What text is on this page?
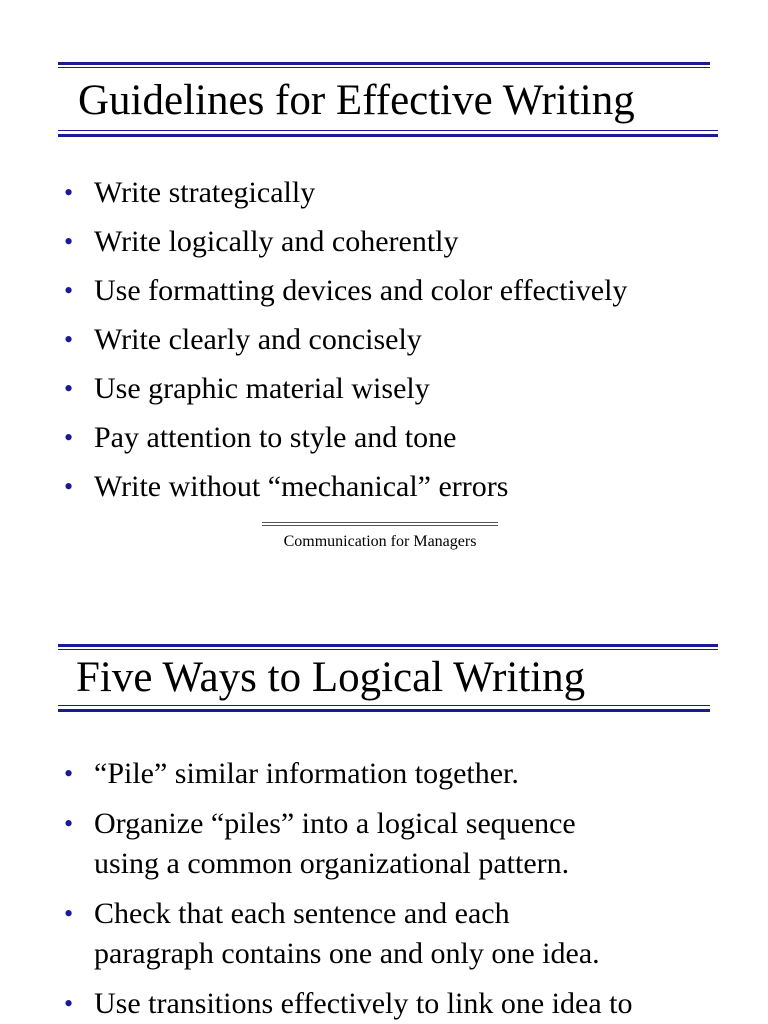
Guidelines for Effective Writing
• Write strategically
• Write logically and coherently
• Use formatting devices and color effectively
• Write clearly and concisely
• Use graphic material wisely
• Pay attention to style and tone
• Write without “mechanical” errors
Communication for Managers
Five Ways to Logical Writing
• “Pile” similar information together.
• Organize “piles” into a logical sequence
using a common organizational pattern.
• Check that each sentence and each
paragraph contains one and only one idea.
• Use transitions effectively to link one idea to
